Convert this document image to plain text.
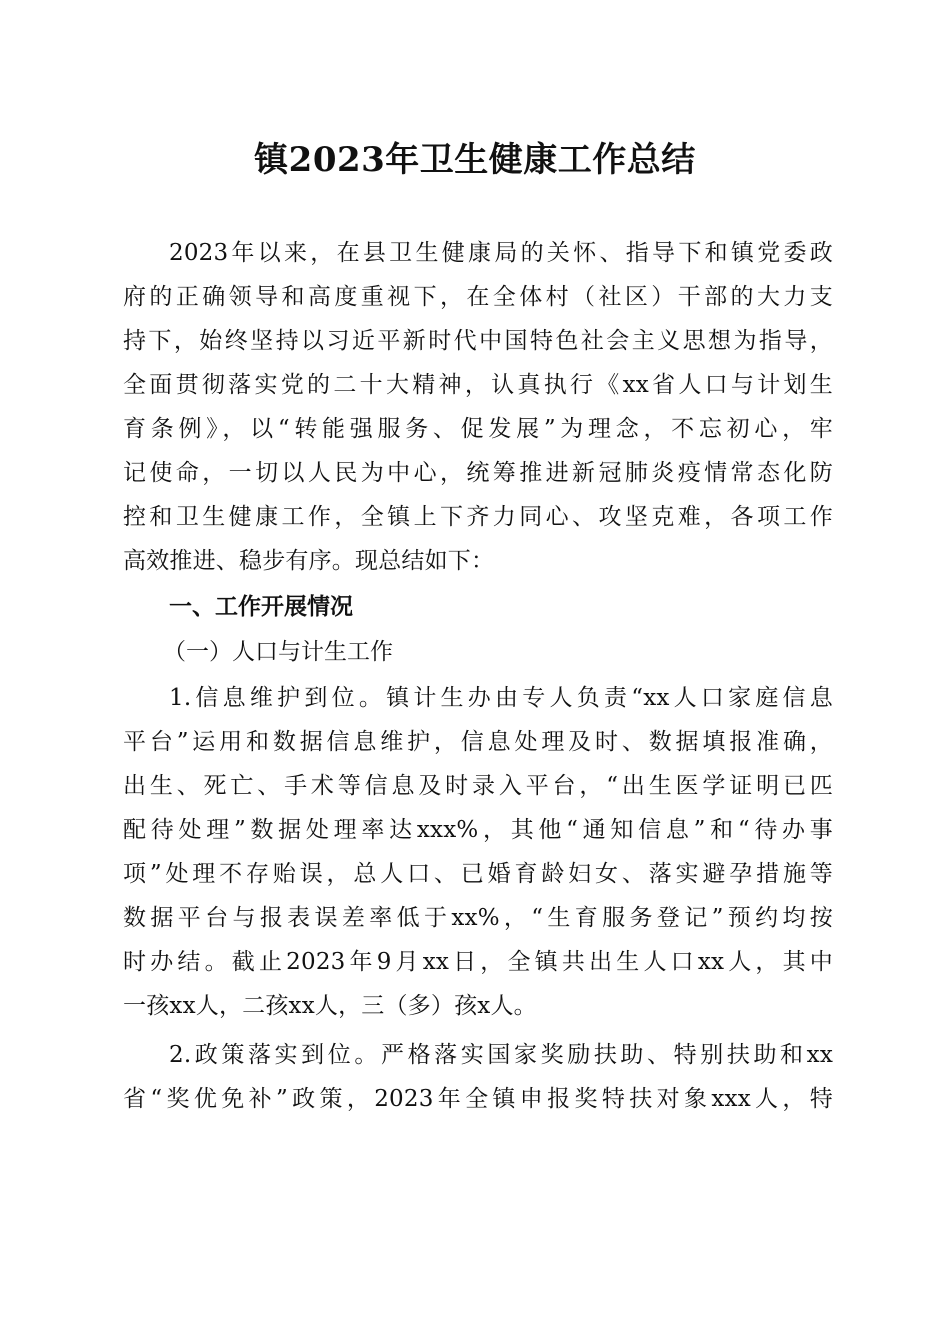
镇2023年卫生健康工作总结
2023年以来，在县卫生健康局的关怀、指导下和镇党委政
府的正确领导和高度重视下，在全体村（社区）干部的大力支
持下，始终坚持以习近平新时代中国特色社会主义思想为指导，
全面贯彻落实党的二十大精神，认真执行《xx省人口与计划生
育条例》，以“转能强服务、促发展”为理念，不忘初心，牢
记使命，一切以人民为中心，统筹推进新冠肺炎疫情常态化防
控和卫生健康工作，全镇上下齐力同心、攻坚克难，各项工作
高效推进、稳步有序。现总结如下：
一、工作开展情况
（一）人口与计生工作
1.信息维护到位。镇计生办由专人负责“xx人口家庭信息
平台”运用和数据信息维护，信息处理及时、数据填报准确，
出生、死亡、手术等信息及时录入平台，“出生医学证明已匹
配待处理”数据处理率达xxx%，其他“通知信息”和“待办事
项”处理不存贻误，总人口、已婚育龄妇女、落实避孕措施等
数据平台与报表误差率低于xx%，“生育服务登记”预约均按
时办结。截止2023年9月xx日，全镇共出生人口xx人，其中
一孩xx人，二孩xx人，三（多）孩x人。
2.政策落实到位。严格落实国家奖励扶助、特别扶助和xx
省“奖优免补”政策，2023年全镇申报奖特扶对象xxx人，特
